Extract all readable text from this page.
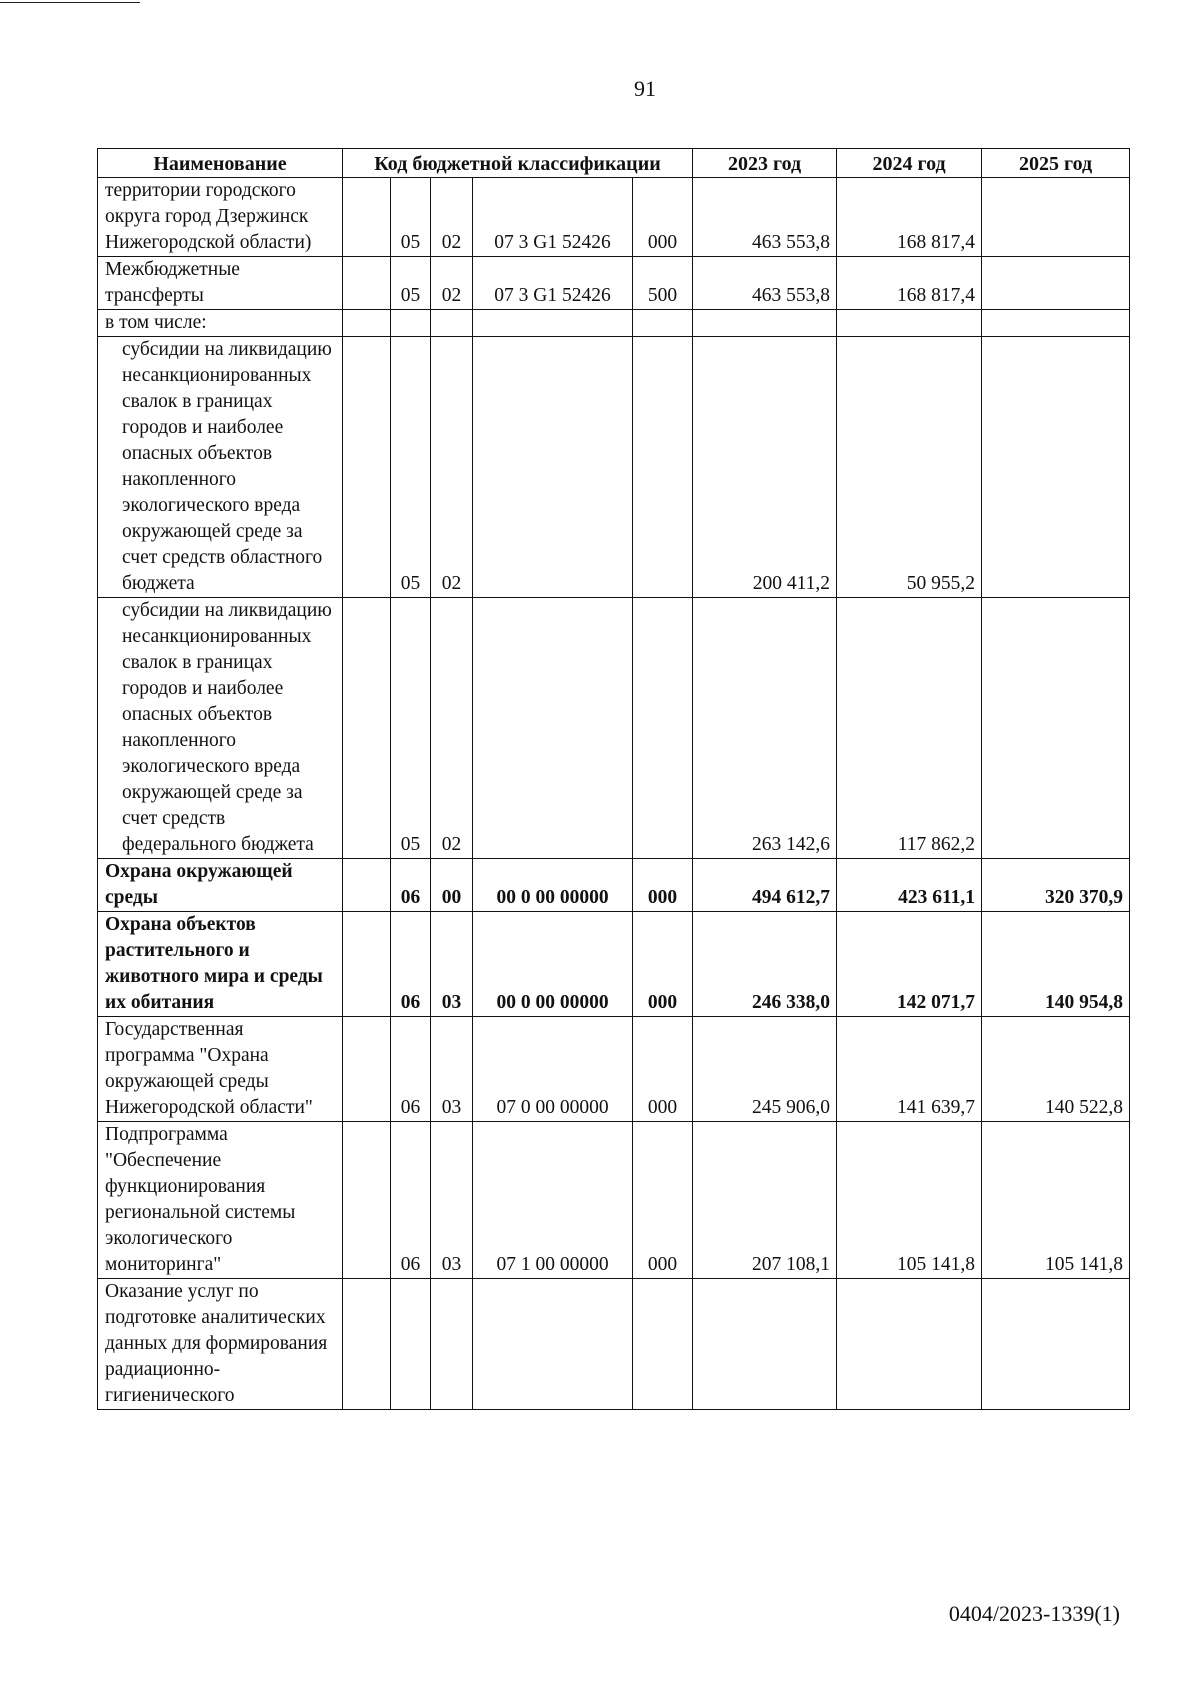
91
Наименование	Код бюджетной классификации					2023 год	2024 год	2025 год
территории городского округа город Дзержинск Нижегородской области)		05	02	07 3 G1 52426	000	463 553,8	168 817,4	
Межбюджетные трансферты		05	02	07 3 G1 52426	500	463 553,8	168 817,4	
в том числе:								
субсидии на ликвидацию несанкционированных свалок в границах городов и наиболее опасных объектов накопленного экологического вреда окружающей среде за счет средств областного бюджета		05	02			200 411,2	50 955,2	
субсидии на ликвидацию несанкционированных свалок в границах городов и наиболее опасных объектов накопленного экологического вреда окружающей среде за счет средств федерального бюджета		05	02			263 142,6	117 862,2	
Охрана окружающей среды		06	00	00 0 00 00000	000	494 612,7	423 611,1	320 370,9
Охрана объектов растительного и животного мира и среды их обитания		06	03	00 0 00 00000	000	246 338,0	142 071,7	140 954,8
Государственная программа "Охрана окружающей среды Нижегородской области"		06	03	07 0 00 00000	000	245 906,0	141 639,7	140 522,8
Подпрограмма "Обеспечение функционирования региональной системы экологического мониторинга"		06	03	07 1 00 00000	000	207 108,1	105 141,8	105 141,8
Оказание услуг по подготовке аналитических данных для формирования радиационно-гигиенического								
0404/2023-1339(1)
